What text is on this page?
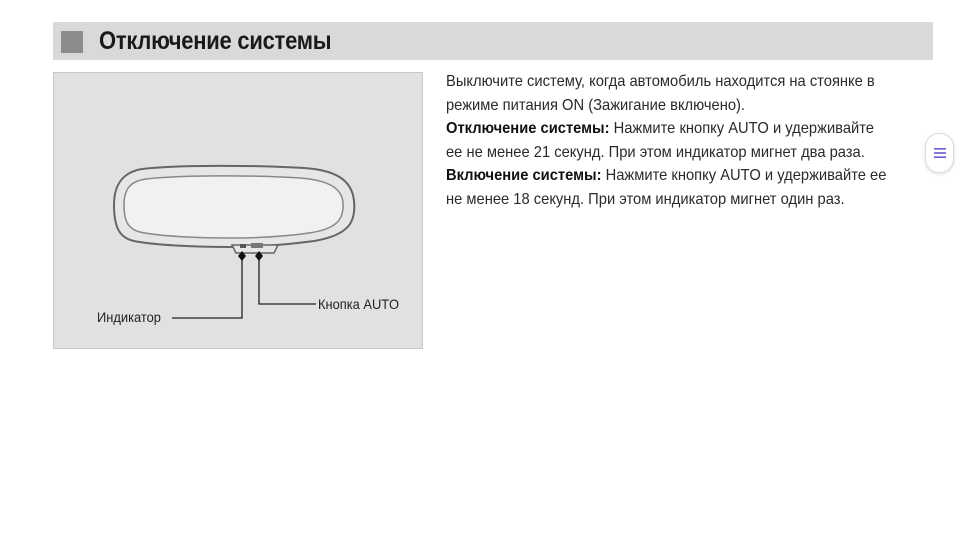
Отключение системы
Индикатор
Кнопка AUTO

Выключите систему, когда автомобиль находится на стоянке в

режиме питания ON (Зажигание включено).

Отключение системы: Нажмите кнопку AUTO и удерживайте

ее не менее 21 секунд. При этом индикатор мигнет два раза.

Включение системы: Нажмите кнопку AUTO и удерживайте ее

не менее 18 секунд. При этом индикатор мигнет один раз.
